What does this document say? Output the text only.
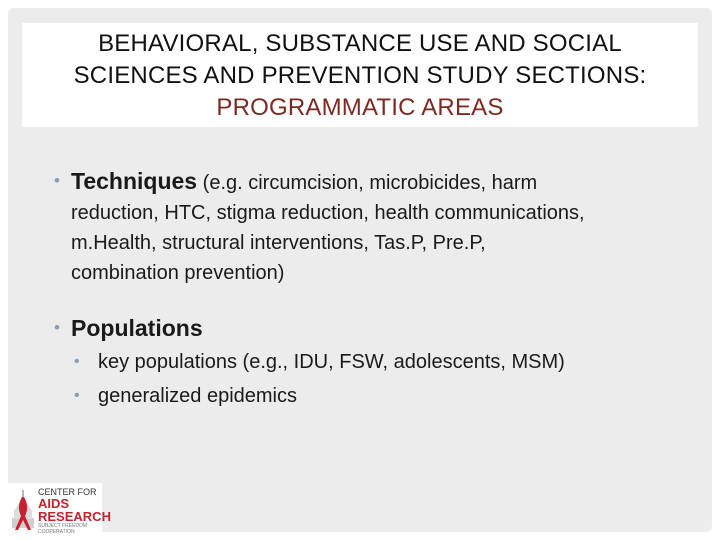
BEHAVIORAL, SUBSTANCE USE AND SOCIAL
SCIENCES AND PREVENTION STUDY SECTIONS:
PROGRAMMATIC AREAS
• Techniques (e.g. circumcision, microbicides, harm
reduction, HTC, stigma reduction, health communications,
m.Health, structural interventions, Tas.P, Pre.P,
combination prevention)
• Populations
• key populations (e.g., IDU, FSW, adolescents, MSM)
• generalized epidemics
CENTER FOR
AIDS
RESEARCH
SUBJECT FREEDOM COOPERATION
